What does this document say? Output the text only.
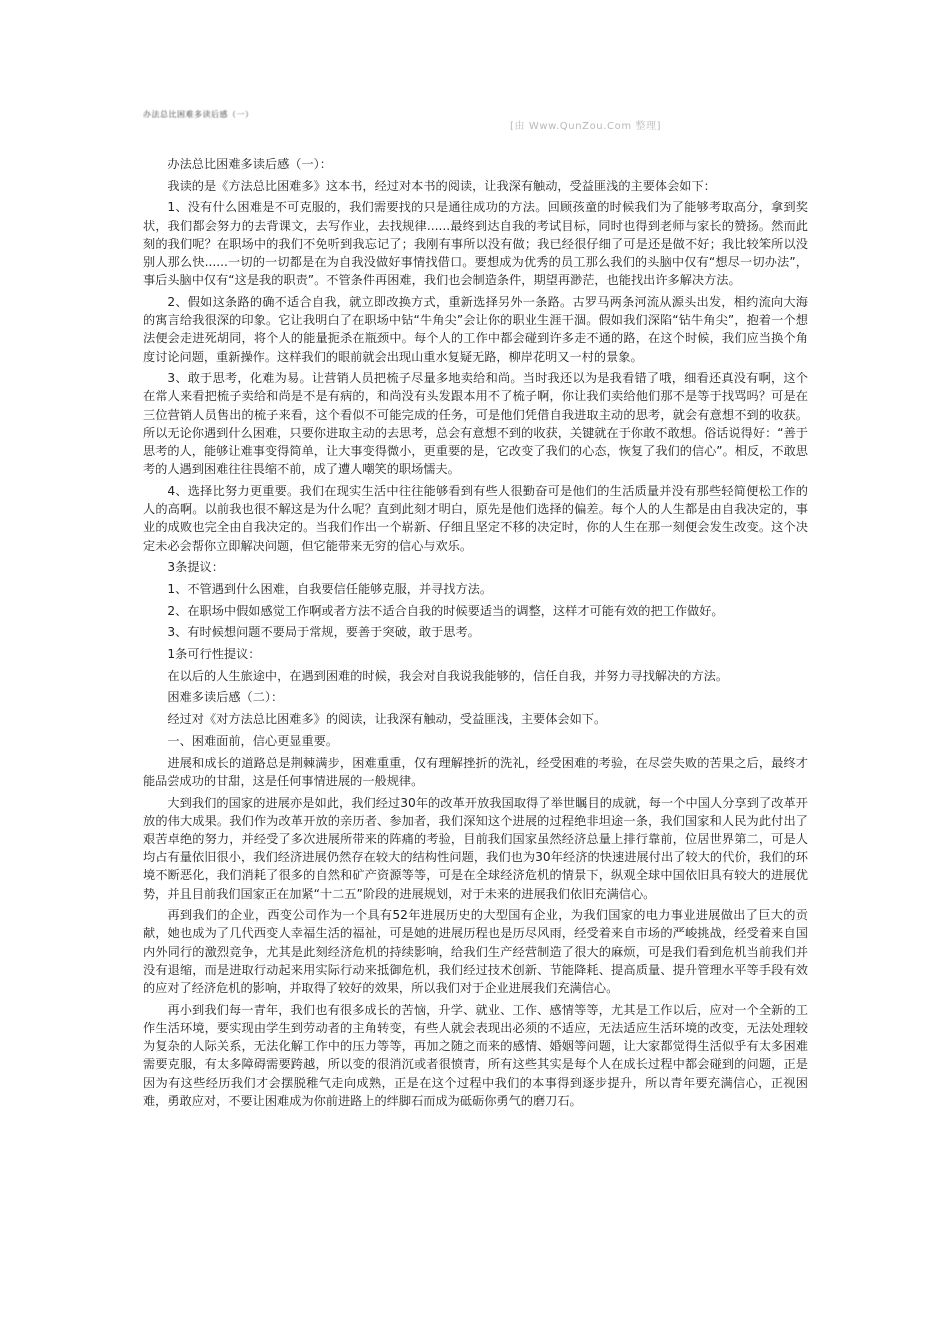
办法总比困难多读后感（一）
[由 Www.QunZou.Com 整理]

办法总比困难多读后感（一）：

我读的是《方法总比困难多》这本书，经过对本书的阅读，让我深有触动，受益匪浅的主要体会如下：

1、没有什么困难是不可克服的，我们需要找的只是通往成功的方法。回顾孩童的时候我们为了能够考取高分，拿到奖状，我们都会努力的去背课文，去写作业，去找规律......最终到达自我的考试目标，同时也得到老师与家长的赞扬。然而此刻的我们呢？在职场中的我们不免听到我忘记了；我刚有事所以没有做；我已经很仔细了可是还是做不好；我比较笨所以没别人那么快......一切的一切都是在为自我没做好事情找借口。要想成为优秀的员工那么我们的头脑中仅有“想尽一切办法”，事后头脑中仅有“这是我的职责”。不管条件再困难，我们也会制造条件，期望再渺茫，也能找出许多解决方法。

2、假如这条路的确不适合自我，就立即改换方式，重新选择另外一条路。古罗马两条河流从源头出发，相约流向大海的寓言给我很深的印象。它让我明白了在职场中钻“牛角尖”会让你的职业生涯干涸。假如我们深陷“钻牛角尖”，抱着一个想法便会走进死胡同，将个人的能量扼杀在瓶颈中。每个人的工作中都会碰到许多走不通的路，在这个时候，我们应当换个角度讨论问题，重新操作。这样我们的眼前就会出现山重水复疑无路，柳岸花明又一村的景象。

3、敢于思考，化难为易。让营销人员把梳子尽量多地卖给和尚。当时我还以为是我看错了哦，细看还真没有啊，这个在常人来看把梳子卖给和尚是不是有病的，和尚没有头发跟本用不了梳子啊，你让我们卖给他们那不是等于找骂吗？可是在三位营销人员售出的梳子来看，这个看似不可能完成的任务，可是他们凭借自我进取主动的思考，就会有意想不到的收获。所以无论你遇到什么困难，只要你进取主动的去思考，总会有意想不到的收获，关键就在于你敢不敢想。俗话说得好：“善于思考的人，能够让难事变得简单，让大事变得微小，更重要的是，它改变了我们的心态，恢复了我们的信心”。相反，不敢思考的人遇到困难往往畏缩不前，成了遭人嘲笑的职场懦夫。

4、选择比努力更重要。我们在现实生活中往往能够看到有些人很勤奋可是他们的生活质量并没有那些轻简便松工作的人的高啊。以前我也很不解这是为什么呢？直到此刻才明白，原先是他们选择的偏差。每个人的人生都是由自我决定的，事业的成败也完全由自我决定的。当我们作出一个崭新、仔细且坚定不移的决定时，你的人生在那一刻便会发生改变。这个决定未必会帮你立即解决问题，但它能带来无穷的信心与欢乐。

3条提议：

1、不管遇到什么困难，自我要信任能够克服，并寻找方法。

2、在职场中假如感觉工作啊或者方法不适合自我的时候要适当的调整，这样才可能有效的把工作做好。

3、有时候想问题不要局于常规，要善于突破，敢于思考。

1条可行性提议：

在以后的人生旅途中，在遇到困难的时候，我会对自我说我能够的，信任自我，并努力寻找解决的方法。

困难多读后感（二）：

经过对《对方法总比困难多》的阅读，让我深有触动，受益匪浅，主要体会如下。

一、困难面前，信心更显重要。

进展和成长的道路总是荆棘满步，困难重重，仅有理解挫折的洗礼，经受困难的考验，在尽尝失败的苦果之后，最终才能品尝成功的甘甜，这是任何事情进展的一般规律。

大到我们的国家的进展亦是如此，我们经过30年的改革开放我国取得了举世瞩目的成就，每一个中国人分享到了改革开放的伟大成果。我们作为改革开放的亲历者、参加者，我们深知这个进展的过程绝非坦途一条，我们国家和人民为此付出了艰苦卓绝的努力，并经受了多次进展所带来的阵痛的考验，目前我们国家虽然经济总量上排行靠前，位居世界第二，可是人均占有量依旧很小，我们经济进展仍然存在较大的结构性问题，我们也为30年经济的快速进展付出了较大的代价，我们的环境不断恶化，我们消耗了很多的自然和矿产资源等等，可是在全球经济危机的情景下，纵观全球中国依旧具有较大的进展优势，并且目前我们国家正在加紧“十二五”阶段的进展规划，对于未来的进展我们依旧充满信心。

再到我们的企业，西变公司作为一个具有52年进展历史的大型国有企业，为我们国家的电力事业进展做出了巨大的贡献，她也成为了几代西变人幸福生活的福祉，可是她的进展历程也是历尽风雨，经受着来自市场的严峻挑战，经受着来自国内外同行的激烈竞争，尤其是此刻经济危机的持续影响，给我们生产经营制造了很大的麻烦，可是我们看到危机当前我们并没有退缩，而是进取行动起来用实际行动来抵御危机，我们经过技术创新、节能降耗、提高质量、提升管理水平等手段有效的应对了经济危机的影响，并取得了较好的效果，所以我们对于企业进展我们充满信心。

再小到我们每一青年，我们也有很多成长的苦恼，升学、就业、工作、感情等等，尤其是工作以后，应对一个全新的工作生活环境，要实现由学生到劳动者的主角转变，有些人就会表现出必须的不适应，无法适应生活环境的改变，无法处理较为复杂的人际关系，无法化解工作中的压力等等，再加之随之而来的感情、婚姻等问题，让大家都觉得生活似乎有太多困难需要克服，有太多障碍需要跨越，所以变的很消沉或者很愤青，所有这些其实是每个人在成长过程中都会碰到的问题，正是因为有这些经历我们才会摆脱稚气走向成熟，正是在这个过程中我们的本事得到逐步提升，所以青年要充满信心，正视困难，勇敢应对，不要让困难成为你前进路上的绊脚石而成为砥砺你勇气的磨刀石。
